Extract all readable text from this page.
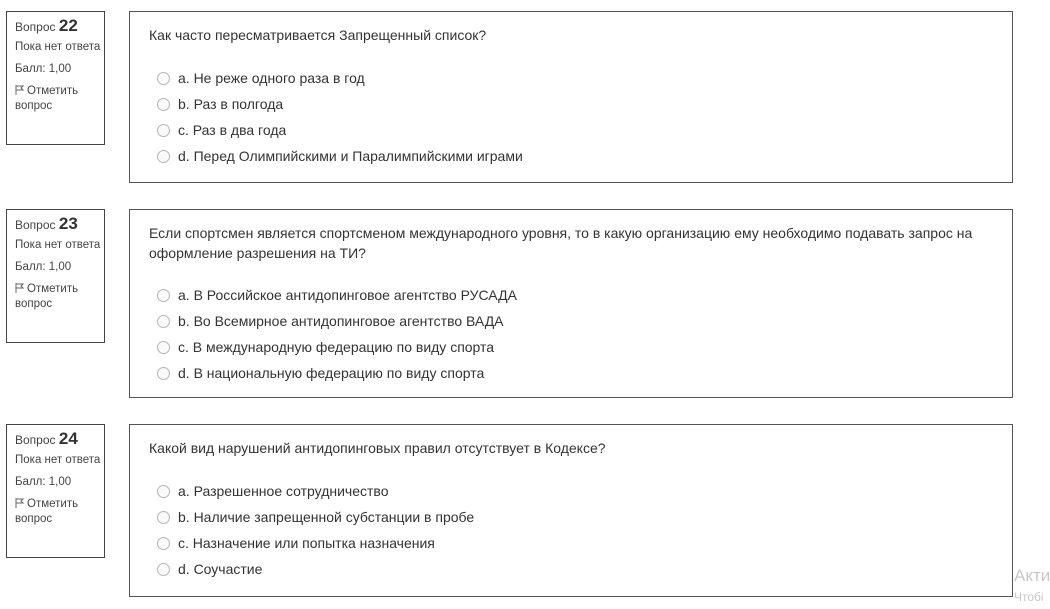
Вопрос 22
Пока нет ответа
Балл: 1,00
Отметить вопрос
Как часто пересматривается Запрещенный список?
a. Не реже одного раза в год
b. Раз в полгода
c. Раз в два года
d. Перед Олимпийскими и Паралимпийскими играми
Вопрос 23
Пока нет ответа
Балл: 1,00
Отметить вопрос
Если спортсмен является спортсменом международного уровня, то в какую организацию ему необходимо подавать запрос на оформление разрешения на ТИ?
a. В Российское антидопинговое агентство РУСАДА
b. Во Всемирное антидопинговое агентство ВАДА
c. В международную федерацию по виду спорта
d. В национальную федерацию по виду спорта
Вопрос 24
Пока нет ответа
Балл: 1,00
Отметить вопрос
Какой вид нарушений антидопинговых правил отсутствует в Кодексе?
a. Разрешенное сотрудничество
b. Наличие запрещенной субстанции в пробе
c. Назначение или попытка назначения
d. Соучастие	Акти
Чтобі
